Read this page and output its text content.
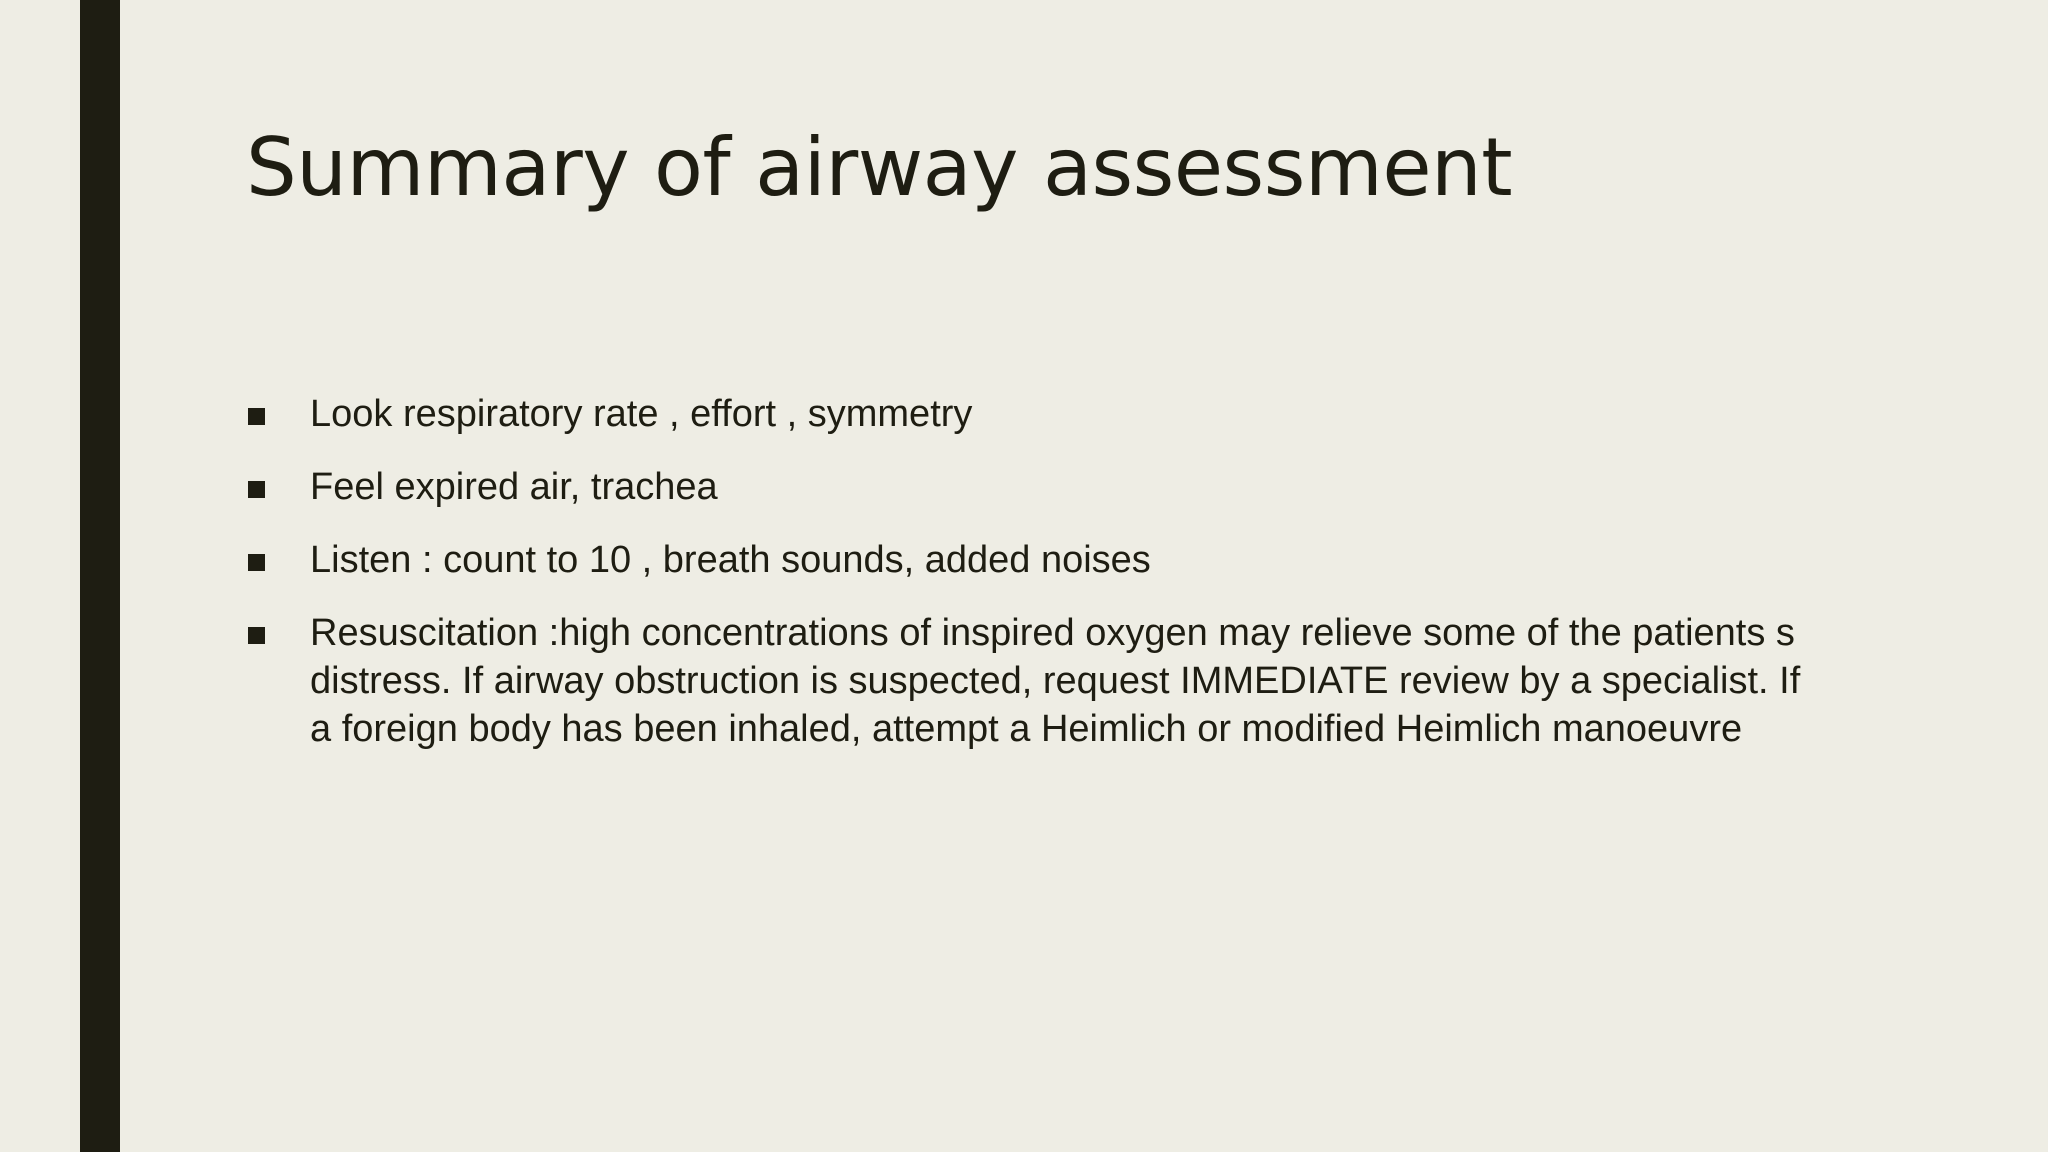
Summary of airway assessment
Look respiratory rate , effort , symmetry
Feel expired air, trachea
Listen : count to 10 , breath sounds, added noises
Resuscitation :high concentrations of inspired oxygen may relieve some of the patients s distress. If airway obstruction is suspected, request IMMEDIATE review by a specialist. If a foreign body has been inhaled, attempt a Heimlich or modified Heimlich manoeuvre
